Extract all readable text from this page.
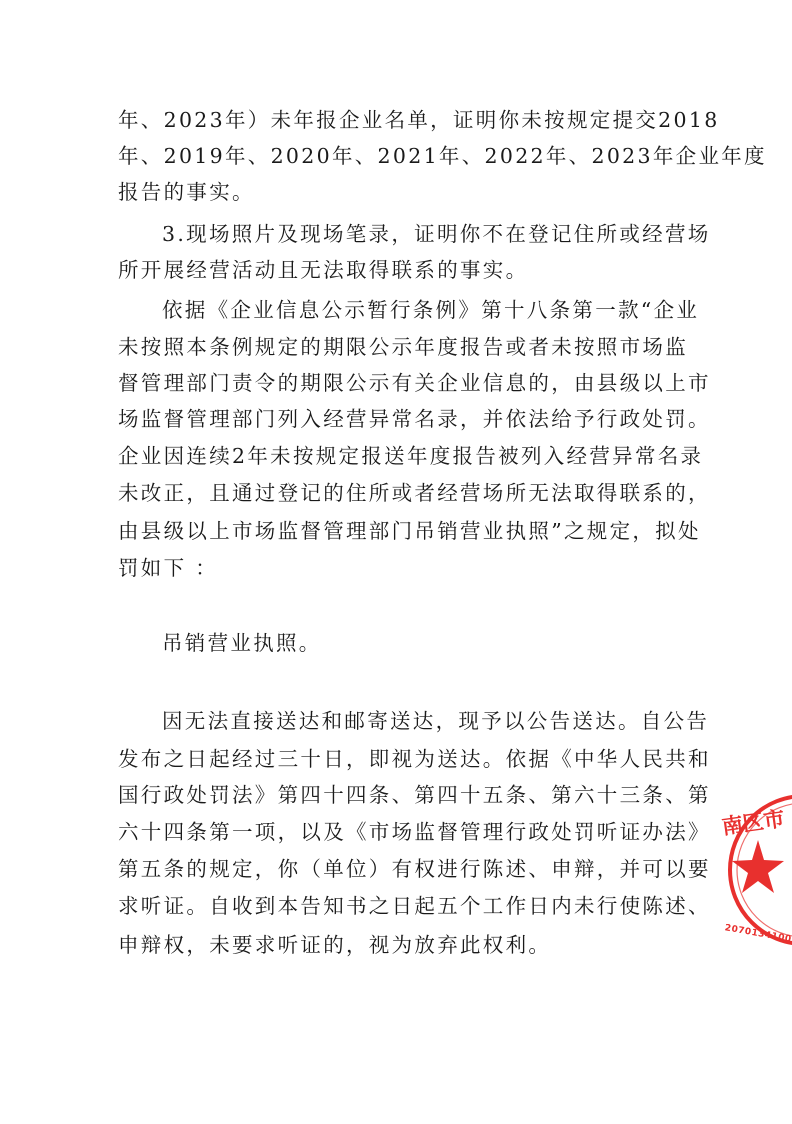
年、2023年）未年报企业名单，证明你未按规定提交2018
年、2019年、2020年、2021年、2022年、2023年企业年度
报告的事实。
3.现场照片及现场笔录，证明你不在登记住所或经营场
所开展经营活动且无法取得联系的事实。
依据《企业信息公示暂行条例》第十八条第一款“企业
未按照本条例规定的期限公示年度报告或者未按照市场监
督管理部门责令的期限公示有关企业信息的，由县级以上市
场监督管理部门列入经营异常名录，并依法给予行政处罚。
企业因连续2年未按规定报送年度报告被列入经营异常名录
未改正，且通过登记的住所或者经营场所无法取得联系的，
由县级以上市场监督管理部门吊销营业执照”之规定，拟处
罚如下 ：
吊销营业执照。
因无法直接送达和邮寄送达，现予以公告送达。自公告
发布之日起经过三十日，即视为送达。依据《中华人民共和
国行政处罚法》第四十四条、第四十五条、第六十三条、第
六十四条第一项，以及《市场监督管理行政处罚听证办法》
第五条的规定，你（单位）有权进行陈述、申辩，并可以要
求听证。自收到本告知书之日起五个工作日内未行使陈述、
申辩权，未要求听证的，视为放弃此权利。
南区市
2070134100
